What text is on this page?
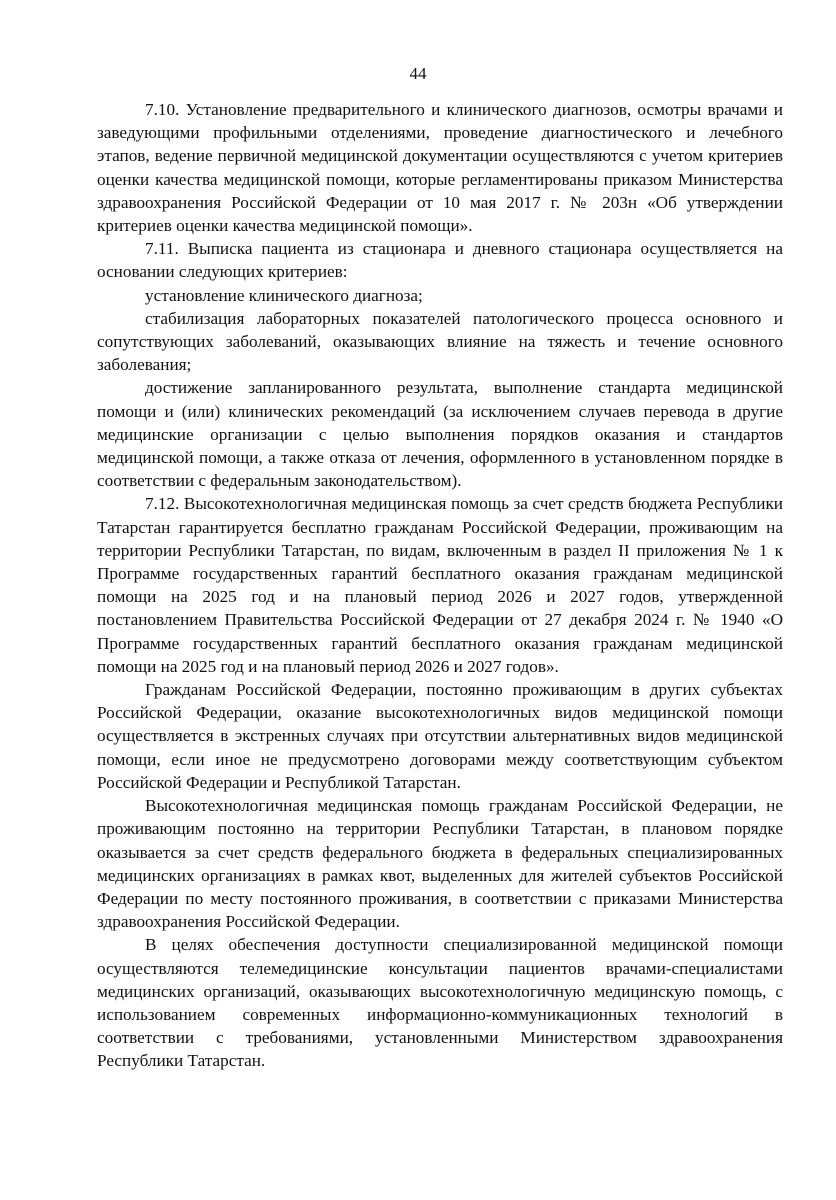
44

7.10. Установление предварительного и клинического диагнозов, осмотры врачами и заведующими профильными отделениями, проведение диагностического и лечебного этапов, ведение первичной медицинской документации осуществляются с учетом критериев оценки качества медицинской помощи, которые регламентированы приказом Министерства здравоохранения Российской Федерации от 10 мая 2017 г. № 203н «Об утверждении критериев оценки качества медицинской помощи».

7.11. Выписка пациента из стационара и дневного стационара осуществляется на основании следующих критериев:

установление клинического диагноза;

стабилизация лабораторных показателей патологического процесса основного и сопутствующих заболеваний, оказывающих влияние на тяжесть и течение основного заболевания;

достижение запланированного результата, выполнение стандарта медицинской помощи и (или) клинических рекомендаций (за исключением случаев перевода в другие медицинские организации с целью выполнения порядков оказания и стандартов медицинской помощи, а также отказа от лечения, оформленного в установленном порядке в соответствии с федеральным законодательством).

7.12. Высокотехнологичная медицинская помощь за счет средств бюджета Республики Татарстан гарантируется бесплатно гражданам Российской Федерации, проживающим на территории Республики Татарстан, по видам, включенным в раздел II приложения № 1 к Программе государственных гарантий бесплатного оказания гражданам медицинской помощи на 2025 год и на плановый период 2026 и 2027 годов, утвержденной постановлением Правительства Российской Федерации от 27 декабря 2024 г. № 1940 «О Программе государственных гарантий бесплатного оказания гражданам медицинской помощи на 2025 год и на плановый период 2026 и 2027 годов».

Гражданам Российской Федерации, постоянно проживающим в других субъектах Российской Федерации, оказание высокотехнологичных видов медицинской помощи осуществляется в экстренных случаях при отсутствии альтернативных видов медицинской помощи, если иное не предусмотрено договорами между соответствующим субъектом Российской Федерации и Республикой Татарстан.

Высокотехнологичная медицинская помощь гражданам Российской Федерации, не проживающим постоянно на территории Республики Татарстан, в плановом порядке оказывается за счет средств федерального бюджета в федеральных специализированных медицинских организациях в рамках квот, выделенных для жителей субъектов Российской Федерации по месту постоянного проживания, в соответствии с приказами Министерства здравоохранения Российской Федерации.

В целях обеспечения доступности специализированной медицинской помощи осуществляются телемедицинские консультации пациентов врачами-специалистами медицинских организаций, оказывающих высокотехнологичную медицинскую помощь, с использованием современных информационно-коммуникационных технологий в соответствии с требованиями, установленными Министерством здравоохранения Республики Татарстан.
